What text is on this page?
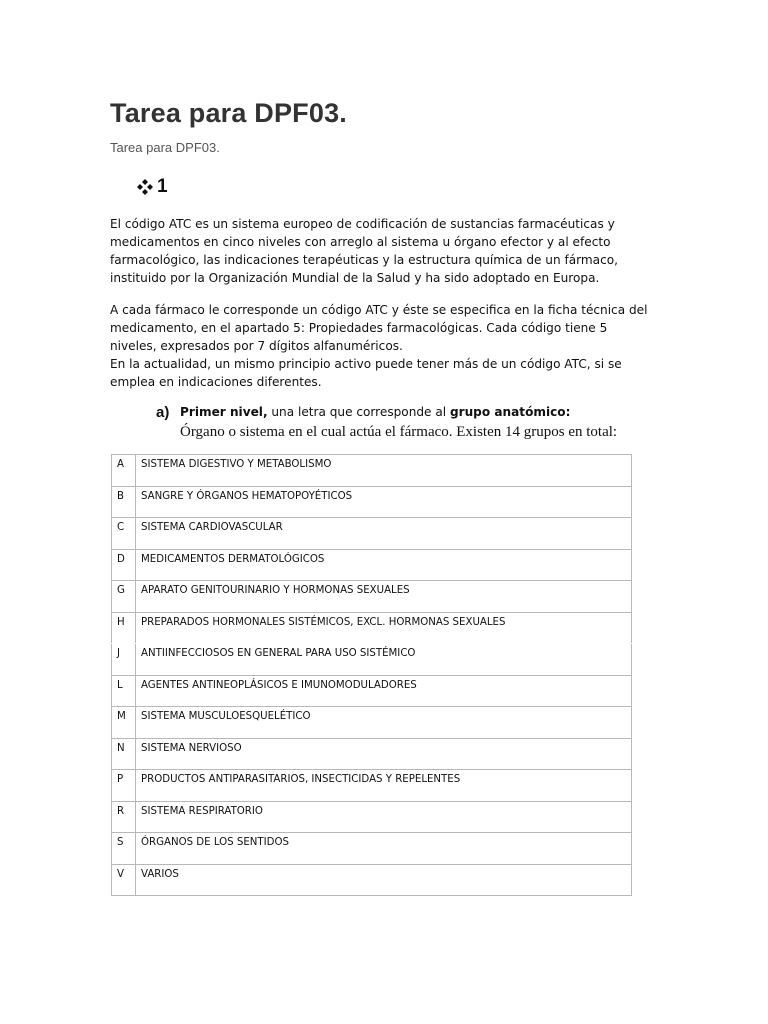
Tarea para DPF03.
Tarea para DPF03.
1

El código ATC es un sistema europeo de codificación de sustancias farmacéuticas y medicamentos en cinco niveles con arreglo al sistema u órgano efector y al efecto farmacológico, las indicaciones terapéuticas y la estructura química de un fármaco, instituido por la Organización Mundial de la Salud y ha sido adoptado en Europa.

A cada fármaco le corresponde un código ATC y éste se especifica en la ficha técnica del medicamento, en el apartado 5: Propiedades farmacológicas. Cada código tiene 5 niveles, expresados por 7 dígitos alfanuméricos.

En la actualidad, un mismo principio activo puede tener más de un código ATC, si se emplea en indicaciones diferentes.

a) Primer nivel, una letra que corresponde al grupo anatómico:
Órgano o sistema en el cual actúa el fármaco. Existen 14 grupos en total:
A	SISTEMA DIGESTIVO Y METABOLISMO
B	SANGRE Y ÓRGANOS HEMATOPOYÉTICOS
C	SISTEMA CARDIOVASCULAR
D	MEDICAMENTOS DERMATOLÓGICOS
G	APARATO GENITOURINARIO Y HORMONAS SEXUALES
H	PREPARADOS HORMONALES SISTÉMICOS, EXCL. HORMONAS SEXUALES
J	ANTIINFECCIOSOS EN GENERAL PARA USO SISTÉMICO
L	AGENTES ANTINEOPLÁSICOS E IMUNOMODULADORES
M	SISTEMA MUSCULOESQUELÉTICO
N	SISTEMA NERVIOSO
P	PRODUCTOS ANTIPARASITARIOS, INSECTICIDAS Y REPELENTES
R	SISTEMA RESPIRATORIO
S	ÓRGANOS DE LOS SENTIDOS
V	VARIOS
